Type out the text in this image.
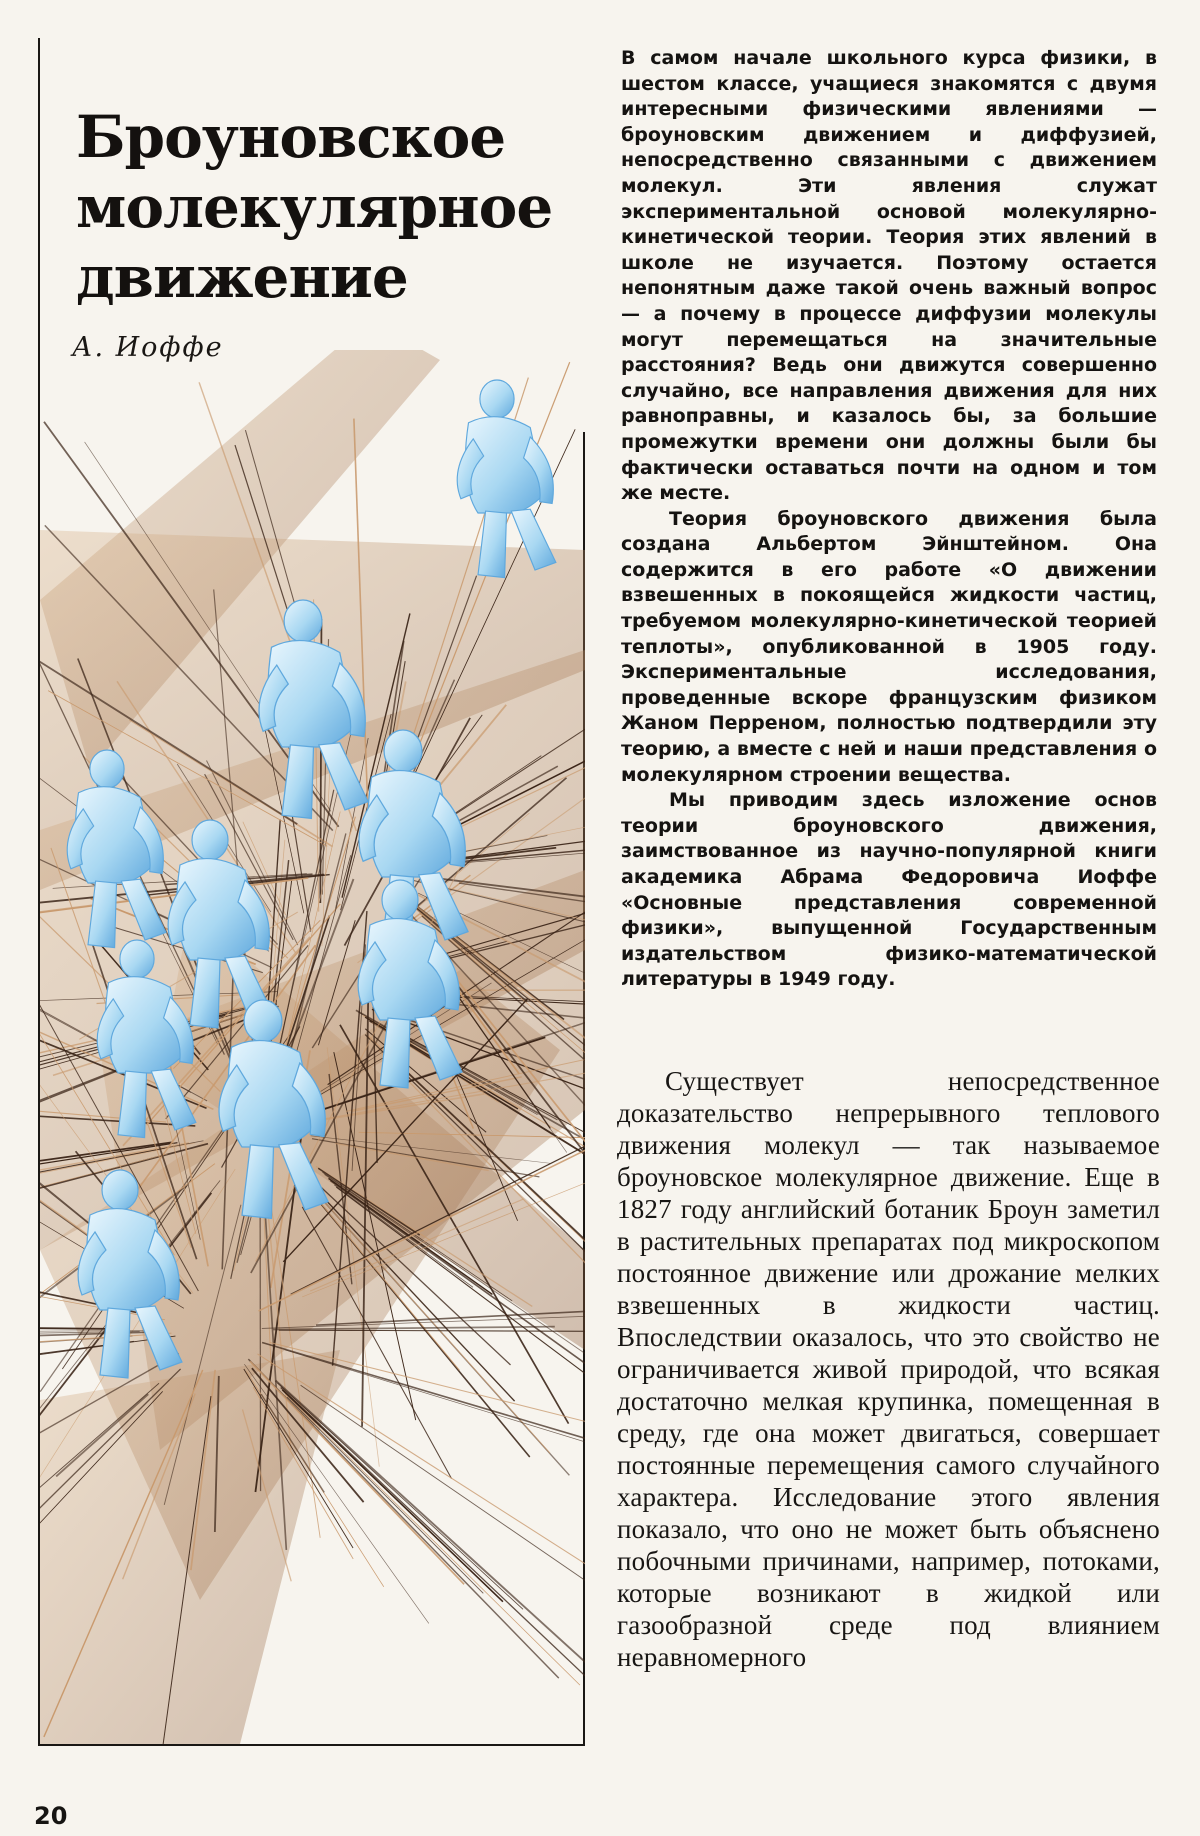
Броуновское
молекулярное
движение
А. Иоффе

В самом начале школьного курса физики, в шестом классе, учащиеся знакомятся с двумя интересными физическими явлениями — броуновским движением и диффузией, непосредственно связанными с движением молекул. Эти явления служат экспериментальной основой молекулярно-кинетической теории. Теория этих явлений в школе не изучается. Поэтому остается непонятным даже такой очень важный вопрос — а почему в процессе диффузии молекулы могут перемещаться на значительные расстояния? Ведь они движутся совершенно случайно, все направления движения для них равноправны, и казалось бы, за большие промежутки времени они должны были бы фактически оставаться почти на одном и том же месте.

Теория броуновского движения была создана Альбертом Эйнштейном. Она содержится в его работе «О движении взвешенных в покоящейся жидкости частиц, требуемом молекулярно-кинетической теорией теплоты», опубликованной в 1905 году. Экспериментальные исследования, проведенные вскоре французским физиком Жаном Перреном, полностью подтвердили эту теорию, а вместе с ней и наши представления о молекулярном строении вещества.

Мы приводим здесь изложение основ теории броуновского движения, заимствованное из научно-популярной книги академика Абрама Федоровича Иоффе «Основные представления современной физики», выпущенной Государственным издательством физико-математической литературы в 1949 году.

Существует непосредственное доказательство непрерывного теплового движения молекул — так называемое броуновское молекулярное движение. Еще в 1827 году английский ботаник Броун заметил в растительных препаратах под микроскопом постоянное движение или дрожание мелких взвешенных в жидкости частиц. Впоследствии оказалось, что это свойство не ограничивается живой природой, что всякая достаточно мелкая крупинка, помещенная в среду, где она может двигаться, совершает постоянные перемещения самого случайного характера. Исследование этого явления показало, что оно не может быть объяснено побочными причинами, например, потоками, которые возникают в жидкой или газообразной среде под влиянием неравномерного

20
